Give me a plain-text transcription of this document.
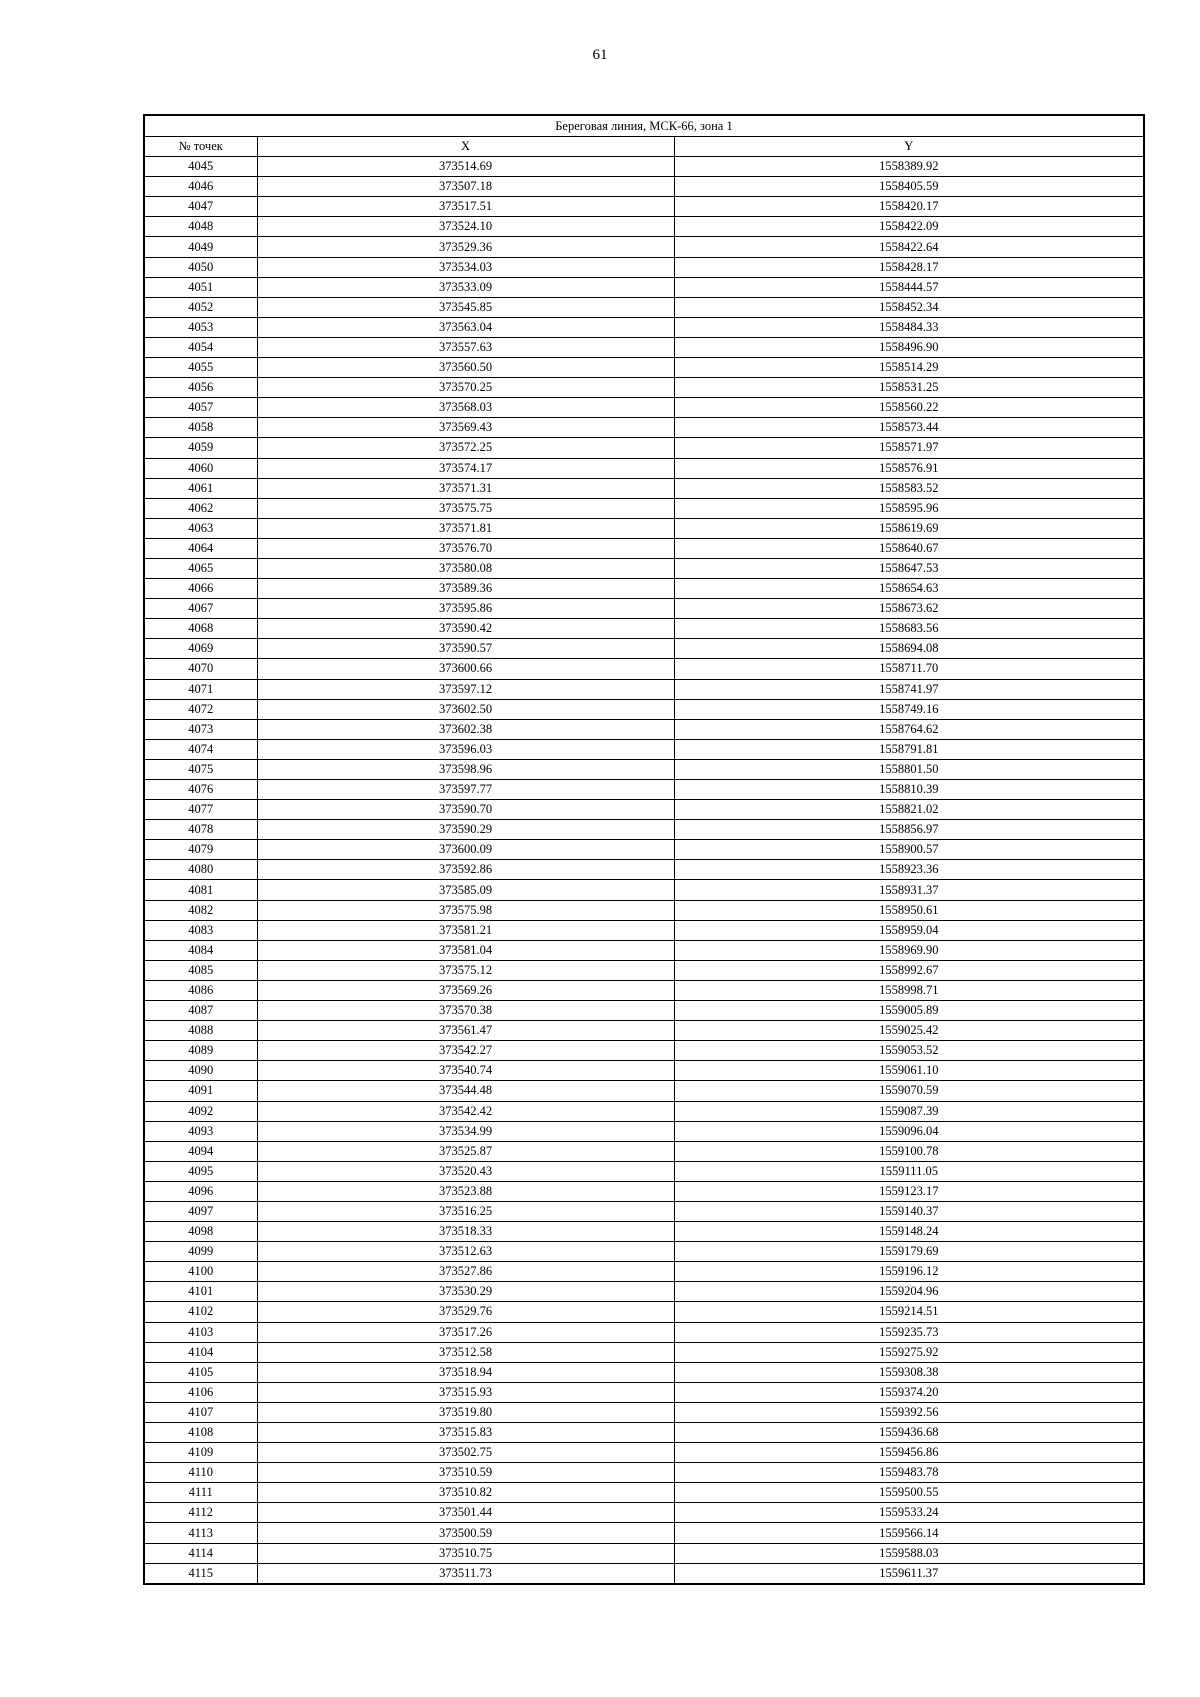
61
Береговая линия, МСК-66, зона 1		
№ точек	X	Y
4045	373514.69	1558389.92
4046	373507.18	1558405.59
4047	373517.51	1558420.17
4048	373524.10	1558422.09
4049	373529.36	1558422.64
4050	373534.03	1558428.17
4051	373533.09	1558444.57
4052	373545.85	1558452.34
4053	373563.04	1558484.33
4054	373557.63	1558496.90
4055	373560.50	1558514.29
4056	373570.25	1558531.25
4057	373568.03	1558560.22
4058	373569.43	1558573.44
4059	373572.25	1558571.97
4060	373574.17	1558576.91
4061	373571.31	1558583.52
4062	373575.75	1558595.96
4063	373571.81	1558619.69
4064	373576.70	1558640.67
4065	373580.08	1558647.53
4066	373589.36	1558654.63
4067	373595.86	1558673.62
4068	373590.42	1558683.56
4069	373590.57	1558694.08
4070	373600.66	1558711.70
4071	373597.12	1558741.97
4072	373602.50	1558749.16
4073	373602.38	1558764.62
4074	373596.03	1558791.81
4075	373598.96	1558801.50
4076	373597.77	1558810.39
4077	373590.70	1558821.02
4078	373590.29	1558856.97
4079	373600.09	1558900.57
4080	373592.86	1558923.36
4081	373585.09	1558931.37
4082	373575.98	1558950.61
4083	373581.21	1558959.04
4084	373581.04	1558969.90
4085	373575.12	1558992.67
4086	373569.26	1558998.71
4087	373570.38	1559005.89
4088	373561.47	1559025.42
4089	373542.27	1559053.52
4090	373540.74	1559061.10
4091	373544.48	1559070.59
4092	373542.42	1559087.39
4093	373534.99	1559096.04
4094	373525.87	1559100.78
4095	373520.43	1559111.05
4096	373523.88	1559123.17
4097	373516.25	1559140.37
4098	373518.33	1559148.24
4099	373512.63	1559179.69
4100	373527.86	1559196.12
4101	373530.29	1559204.96
4102	373529.76	1559214.51
4103	373517.26	1559235.73
4104	373512.58	1559275.92
4105	373518.94	1559308.38
4106	373515.93	1559374.20
4107	373519.80	1559392.56
4108	373515.83	1559436.68
4109	373502.75	1559456.86
4110	373510.59	1559483.78
4111	373510.82	1559500.55
4112	373501.44	1559533.24
4113	373500.59	1559566.14
4114	373510.75	1559588.03
4115	373511.73	1559611.37
